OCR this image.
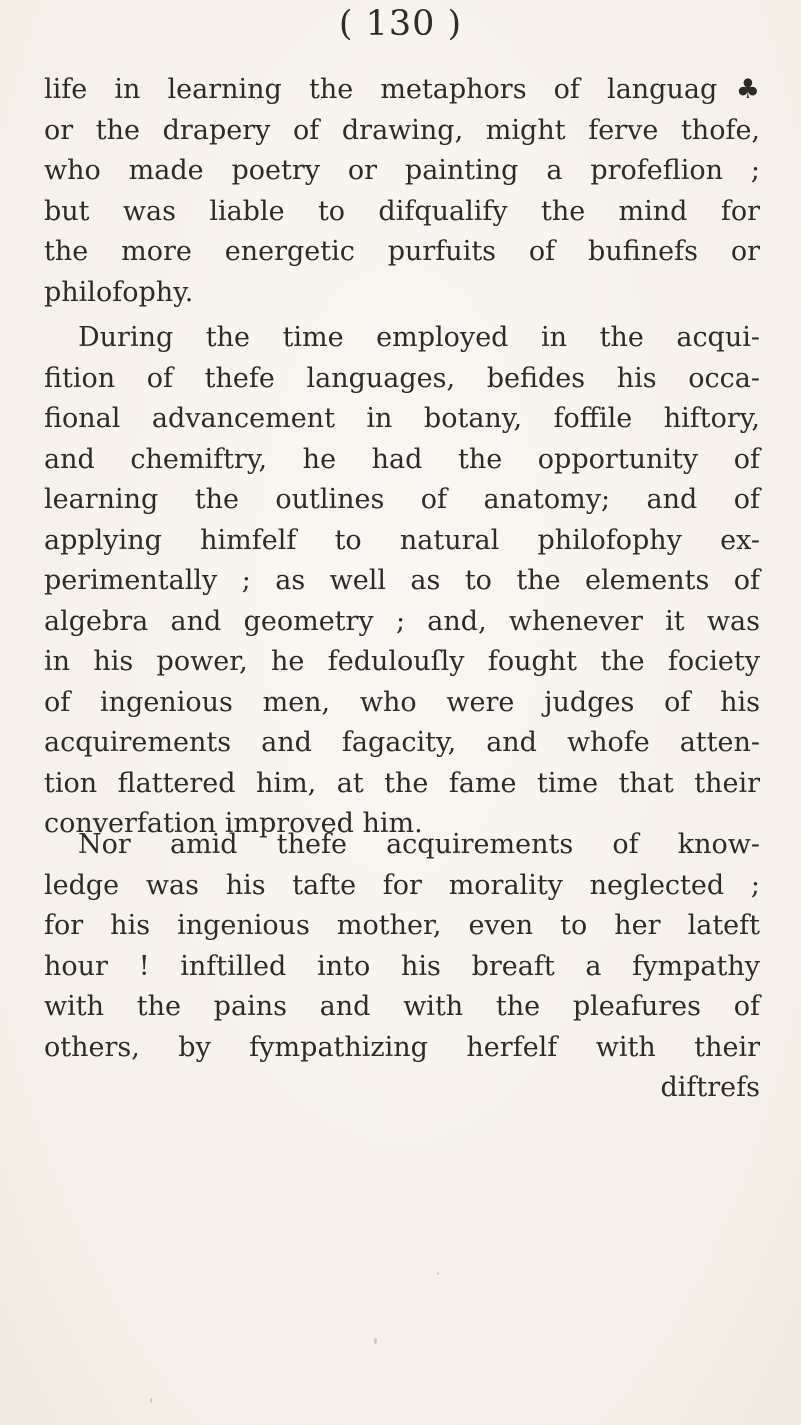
( 130 )
life in learning the metaphors of languag♣
or the drapery of drawing, might ferve thofe,
who made poetry or painting a profeflion ;
but was liable to difqualify the mind for
the more energetic purfuits of bufinefs or
philofophy.
During the time employed in the acqui-
fition of thefe languages, befides his occa-
fional advancement in botany, foffile hiftory,
and chemiftry, he had the opportunity of
learning the outlines of anatomy; and of
applying himfelf to natural philofophy ex-
perimentally ; as well as to the elements of
algebra and geometry ; and, whenever it was
in his power, he fedulouſly fought the fociety
of ingenious men, who were judges of his
acquirements and fagacity, and whofe atten-
tion flattered him, at the fame time that their
converfation improved him.
Nor amid thefe acquirements of know-
ledge was his tafte for morality neglected ;
for his ingenious mother, even to her lateft
hour ! inftilled into his breaft a fympathy
with the pains and with the pleafures of
others, by fympathizing herfelf with their
diftrefs
